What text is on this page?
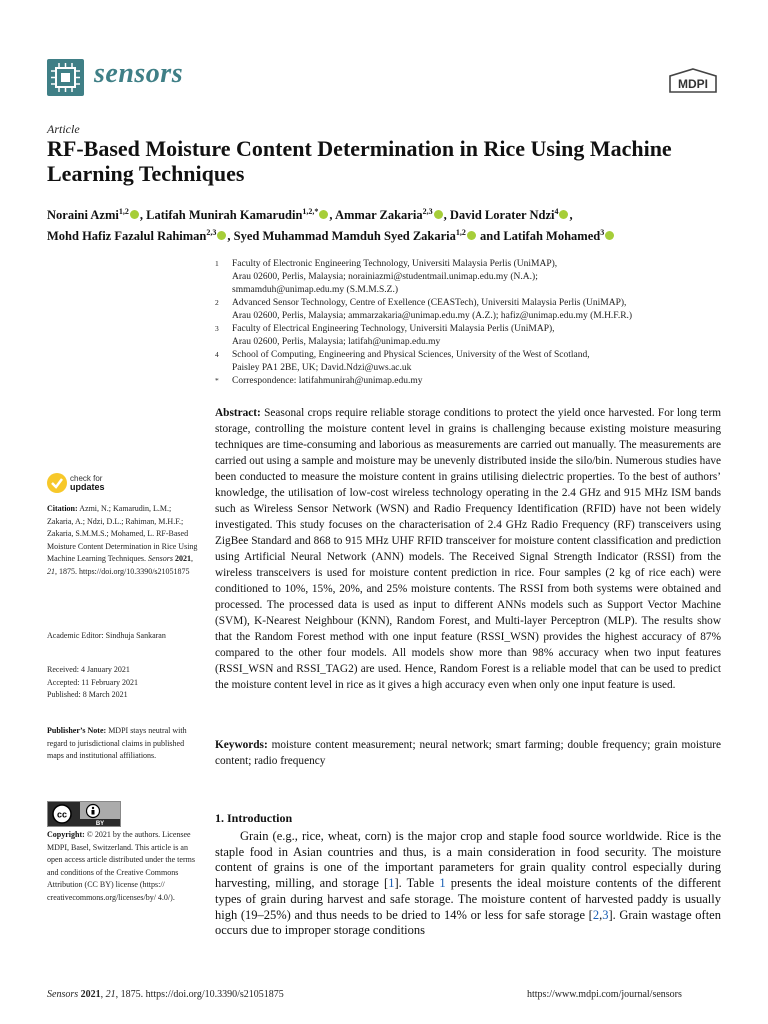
sensors	MDPI
Article
RF-Based Moisture Content Determination in Rice Using Machine Learning Techniques
Noraini Azmi$^{1,2}$ , Latifah Munirah Kamarudin$^{1,2,*}$ , Ammar Zakaria$^{2,3}$ , David Lorater Ndzi$^4$ ,
Mohd Hafiz Fazalul Rahiman$^{2,3}$ , Syed Muhammad Mamduh Syed Zakaria$^{1,2}$ and Latifah Mohamed$^3$
1 Faculty of Electronic Engineering Technology, Universiti Malaysia Perlis (UniMAP),
Arau 02600, Perlis, Malaysia; norainiazmi@studentmail.unimap.edu.my (N.A.);
smmamduh@unimap.edu.my (S.M.M.S.Z.)
2 Advanced Sensor Technology, Centre of Exellence (CEASTech), Universiti Malaysia Perlis (UniMAP),
Arau 02600, Perlis, Malaysia; ammarzakaria@unimap.edu.my (A.Z.); hafiz@unimap.edu.my (M.H.F.R.)
3 Faculty of Electrical Engineering Technology, Universiti Malaysia Perlis (UniMAP),
Arau 02600, Perlis, Malaysia; latifah@unimap.edu.my
4 School of Computing, Engineering and Physical Sciences, University of the West of Scotland,
Paisley PA1 2BE, UK; David.Ndzi@uws.ac.uk
* Correspondence: latifahmunirah@unimap.edu.my
check for
updates
Citation: Azmi, N.; Kamarudin, L.M.; Zakaria, A.; Ndzi, D.L.; Rahiman, M.H.F.; Zakaria, S.M.M.S.; Mohamed, L. RF-Based Moisture Content Determination in Rice Using Machine Learning Techniques. Sensors 2021, 21, 1875. https://doi.org/10.3390/s21051875
Academic Editor: Sindhuja Sankaran
Received: 4 January 2021
Accepted: 11 February 2021
Published: 8 March 2021
Publisher’s Note: MDPI stays neutral with regard to jurisdictional claims in published maps and institutional affiliations.
cc
BY
Copyright: © 2021 by the authors. Licensee MDPI, Basel, Switzerland. This article is an open access article distributed under the terms and conditions of the Creative Commons Attribution (CC BY) license (https:// creativecommons.org/licenses/by/ 4.0/).
Abstract: Seasonal crops require reliable storage conditions to protect the yield once harvested. For long term storage, controlling the moisture content level in grains is challenging because existing moisture measuring techniques are time-consuming and laborious as measurements are carried out manually. The measurements are carried out using a sample and moisture may be unevenly distributed inside the silo/bin. Numerous studies have been conducted to measure the moisture content in grains utilising dielectric properties. To the best of authors’ knowledge, the utilisation of low-cost wireless technology operating in the 2.4 GHz and 915 MHz ISM bands such as Wireless Sensor Network (WSN) and Radio Frequency Identification (RFID) have not been widely investigated. This study focuses on the characterisation of 2.4 GHz Radio Frequency (RF) transceivers using ZigBee Standard and 868 to 915 MHz UHF RFID transceiver for moisture content classification and prediction using Artificial Neural Network (ANN) models. The Received Signal Strength Indicator (RSSI) from the wireless transceivers is used for moisture content prediction in rice. Four samples (2 kg of rice each) were conditioned to 10%, 15%, 20%, and 25% moisture contents. The RSSI from both systems were obtained and processed. The processed data is used as input to different ANNs models such as Support Vector Machine (SVM), K-Nearest Neighbour (KNN), Random Forest, and Multi-layer Perceptron (MLP). The results show that the Random Forest method with one input feature (RSSI_WSN) provides the highest accuracy of 87% compared to the other four models. All models show more than 98% accuracy when two input features (RSSI_WSN and RSSI_TAG2) are used. Hence, Random Forest is a reliable model that can be used to predict the moisture content level in rice as it gives a high accuracy even when only one input feature is used.
Keywords: moisture content measurement; neural network; smart farming; double frequency; grain moisture content; radio frequency
1. Introduction

Grain (e.g., rice, wheat, corn) is the major crop and staple food source worldwide. Rice is the staple food in Asian countries and thus, is a main consideration in food security. The moisture content of grains is one of the important parameters for grain quality control especially during harvesting, milling, and storage [1]. Table 1 presents the ideal moisture contents of the different types of grain during harvest and safe storage. The moisture content of harvested paddy is usually high (19–25%) and thus needs to be dried to 14% or less for safe storage [2,3]. Grain wastage often occurs due to improper storage conditions

Sensors 2021, 21, 1875. https://doi.org/10.3390/s21051875	https://www.mdpi.com/journal/sensors
